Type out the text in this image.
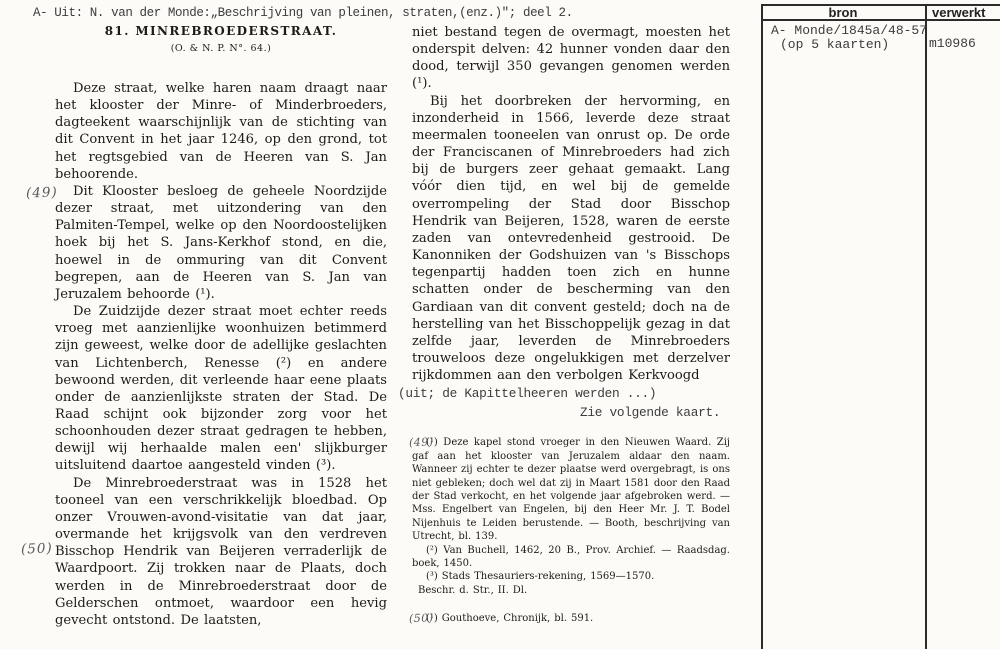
A- Uit: N. van der Monde:„Beschrijving van pleinen, straten,(enz.)"; deel 2.
(49)
(50)
81. MINREBROEDERSTRAAT.
(O. & N. P. N°. 64.)
Deze straat, welke haren naam draagt naar het klooster der Minre- of Minderbroeders, dagteekent waarschijnlijk van de stichting van dit Convent in het jaar 1246, op den grond, tot het regtsgebied van de Heeren van S. Jan behoorende.
Dit Klooster besloeg de geheele Noordzijde dezer straat, met uitzondering van den Palmiten-Tempel, welke op den Noordoostelijken hoek bij het S. Jans-Kerkhof stond, en die, hoewel in de ommuring van dit Convent begrepen, aan de Heeren van S. Jan van Jeruzalem behoorde (¹).
De Zuidzijde dezer straat moet echter reeds vroeg met aanzienlijke woonhuizen betimmerd zijn geweest, welke door de adellijke geslachten van Lichtenberch, Renesse (²) en andere bewoond werden, dit verleende haar eene plaats onder de aanzienlijkste straten der Stad. De Raad schijnt ook bijzonder zorg voor het schoonhouden dezer straat gedragen te hebben, dewijl wij herhaalde malen een' slijkburger uitsluitend daartoe aangesteld vinden (³).
De Minrebroederstraat was in 1528 het tooneel van een verschrikkelijk bloedbad. Op onzer Vrouwen-avond-visitatie van dat jaar, overmande het krijgsvolk van den verdreven Bisschop Hendrik van Beijeren verraderlijk de Waardpoort. Zij trokken naar de Plaats, doch werden in de Minrebroederstraat door de Gelderschen ontmoet, waardoor een hevig gevecht ontstond. De laatsten,
niet bestand tegen de overmagt, moesten het onderspit delven: 42 hunner vonden daar den dood, terwijl 350 gevangen genomen werden (¹).
Bij het doorbreken der hervorming, en inzonderheid in 1566, leverde deze straat meermalen tooneelen van onrust op. De orde der Franciscanen of Minrebroeders had zich bij de burgers zeer gehaat gemaakt. Lang vóór dien tijd, en wel bij de gemelde overrompeling der Stad door Bisschop Hendrik van Beijeren, 1528, waren de eerste zaden van ontevredenheid gestrooid. De Kanonniken der Godshuizen van 's Bisschops tegenpartij hadden toen zich en hunne schatten onder de bescherming van den Gardiaan van dit convent gesteld; doch na de herstelling van het Bisschoppelijk gezag in dat zelfde jaar, leverden de Minrebroeders trouweloos deze ongelukkigen met derzelver rijkdommen aan den verbolgen Kerkvoogd
(uit; de Kapittelheeren werden ...)
Zie volgende kaart.
(49)
(¹) Deze kapel stond vroeger in den Nieuwen Waard. Zij gaf aan het klooster van Jeruzalem aldaar den naam. Wanneer zij echter te dezer plaatse werd overgebragt, is ons niet gebleken; doch wel dat zij in Maart 1581 door den Raad der Stad verkocht, en het volgende jaar afgebroken werd. — Mss. Engelbert van Engelen, bij den Heer Mr. J. T. Bodel Nijenhuis te Leiden berustende. — Booth, beschrijving van Utrecht, bl. 139.
(²) Van Buchell, 1462, 20 B., Prov. Archief. — Raadsdag. boek, 1450.
(³) Stads Thesauriers-rekening, 1569—1570.
Beschr. d. Str., II. Dl.
(50)
(¹) Gouthoeve, Chronijk, bl. 591.
bron	verwerkt
A- Monde/1845a/48-57
(op 5 kaarten)	m10986
